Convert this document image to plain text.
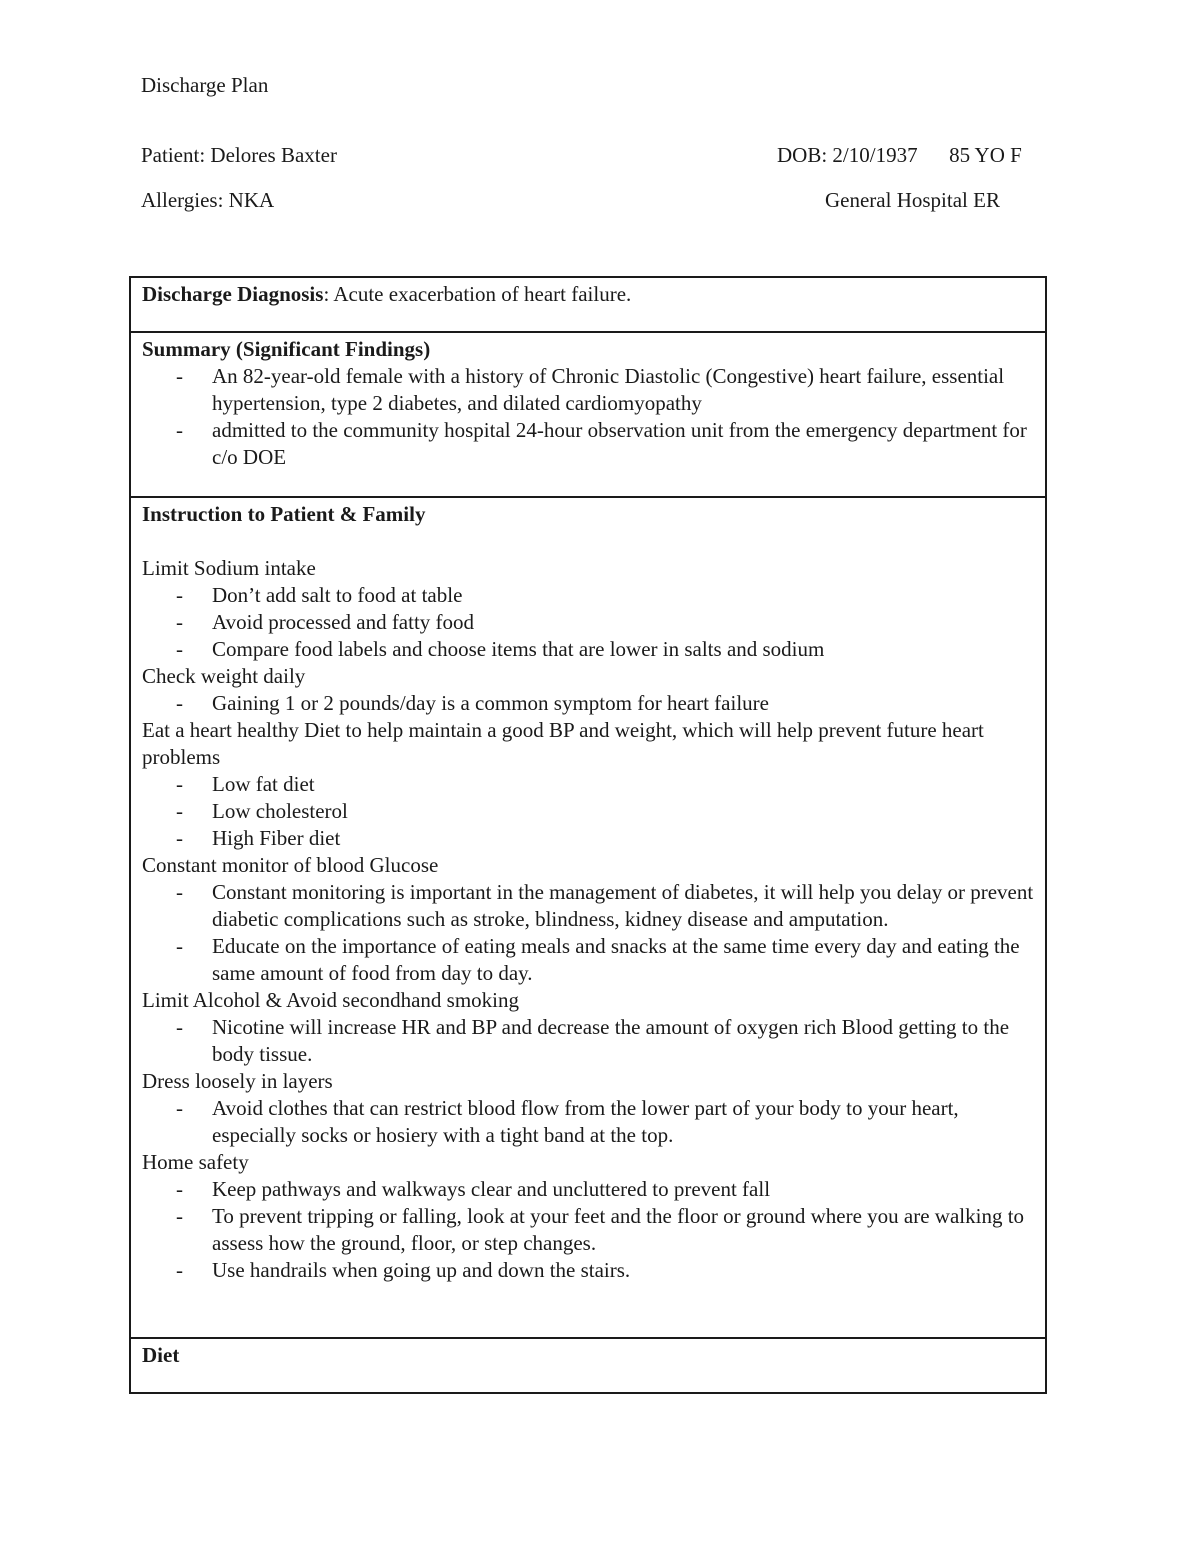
Discharge Plan
Patient: Delores Baxter	DOB: 2/10/1937      85 YO F
Allergies: NKA	General Hospital ER
Discharge Diagnosis: Acute exacerbation of heart failure.
Summary (Significant Findings)
- An 82-year-old female with a history of Chronic Diastolic (Congestive) heart failure, essential hypertension, type 2 diabetes, and dilated cardiomyopathy
- admitted to the community hospital 24-hour observation unit from the emergency department for c/o DOE

Instruction to Patient & Family
Limit Sodium intake
- Don’t add salt to food at table
- Avoid processed and fatty food
- Compare food labels and choose items that are lower in salts and sodium
Check weight daily
- Gaining 1 or 2 pounds/day is a common symptom for heart failure
Eat a heart healthy Diet to help maintain a good BP and weight, which will help prevent future heart problems
- Low fat diet
- Low cholesterol
- High Fiber diet
Constant monitor of blood Glucose
- Constant monitoring is important in the management of diabetes, it will help you delay or prevent diabetic complications such as stroke, blindness, kidney disease and amputation.
- Educate on the importance of eating meals and snacks at the same time every day and eating the same amount of food from day to day.
Limit Alcohol & Avoid secondhand smoking
- Nicotine will increase HR and BP and decrease the amount of oxygen rich Blood getting to the body tissue.
Dress loosely in layers
- Avoid clothes that can restrict blood flow from the lower part of your body to your heart, especially socks or hosiery with a tight band at the top.
Home safety
- Keep pathways and walkways clear and uncluttered to prevent fall
- To prevent tripping or falling, look at your feet and the floor or ground where you are walking to assess how the ground, floor, or step changes.
- Use handrails when going up and down the stairs.

Diet
